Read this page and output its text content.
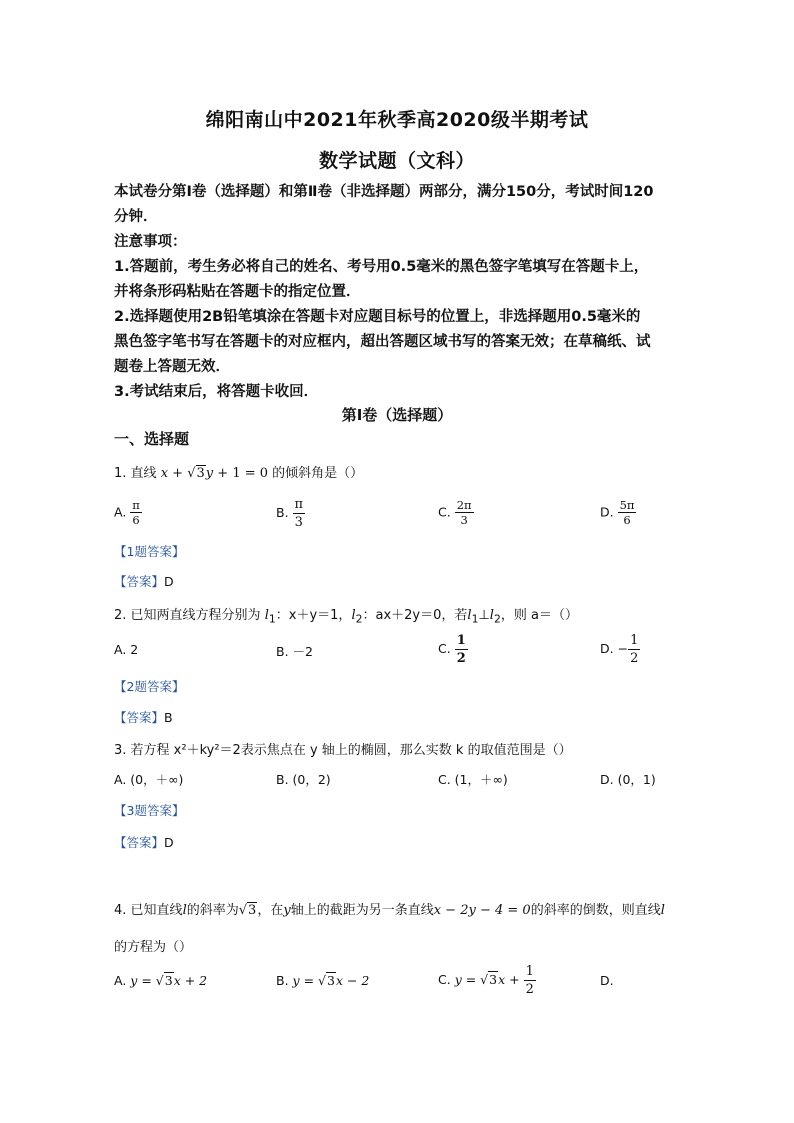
绵阳南山中2021年秋季高2020级半期考试
数学试题（文科）

本试卷分第Ⅰ卷（选择题）和第Ⅱ卷（非选择题）两部分，满分150分，考试时间120

分钟．

注意事项：

1.答题前，考生务必将自己的姓名、考号用0.5毫米的黑色签字笔填写在答题卡上，

并将条形码粘贴在答题卡的指定位置．

2.选择题使用2B铅笔填涂在答题卡对应题目标号的位置上，非选择题用0.5毫米的

黑色签字笔书写在答题卡的对应框内，超出答题区域书写的答案无效；在草稿纸、试

题卷上答题无效．

3.考试结束后，将答题卡收回．

第Ⅰ卷（选择题）
一、选择题
1. 直线 x + √3y + 1 = 0 的倾斜角是（）
A. $\frac{\pi}{6}$	B. $\frac{\pi}{3}$	C. $\frac{2\pi}{3}$	D. $\frac{5\pi}{6}$
【1题答案】
【答案】D
2. 已知两直线方程分别为 $l_1$：x＋y＝1，$l_2$：ax＋2y＝0，若$l_1\perp l_2$，则 a＝（）
A. 2	B. －2	C. $\frac{1}{2}$	D. − $\frac{1}{2}$
【2题答案】
【答案】B
3. 若方程 x²＋ky²＝2表示焦点在 y 轴上的椭圆，那么实数 k 的取值范围是（）
A. (0，＋∞)	B. (0，2)	C. (1，＋∞)	D. (0，1)
【3题答案】
【答案】D
4. 已知直线l的斜率为√3，在y轴上的截距为另一条直线x − 2y − 4 = 0的斜率的倒数，则直线l
的方程为（）
A. y = √3x + 2	B. y = √3x − 2	C. $y = √3x + \frac{1}{2}$	D.
